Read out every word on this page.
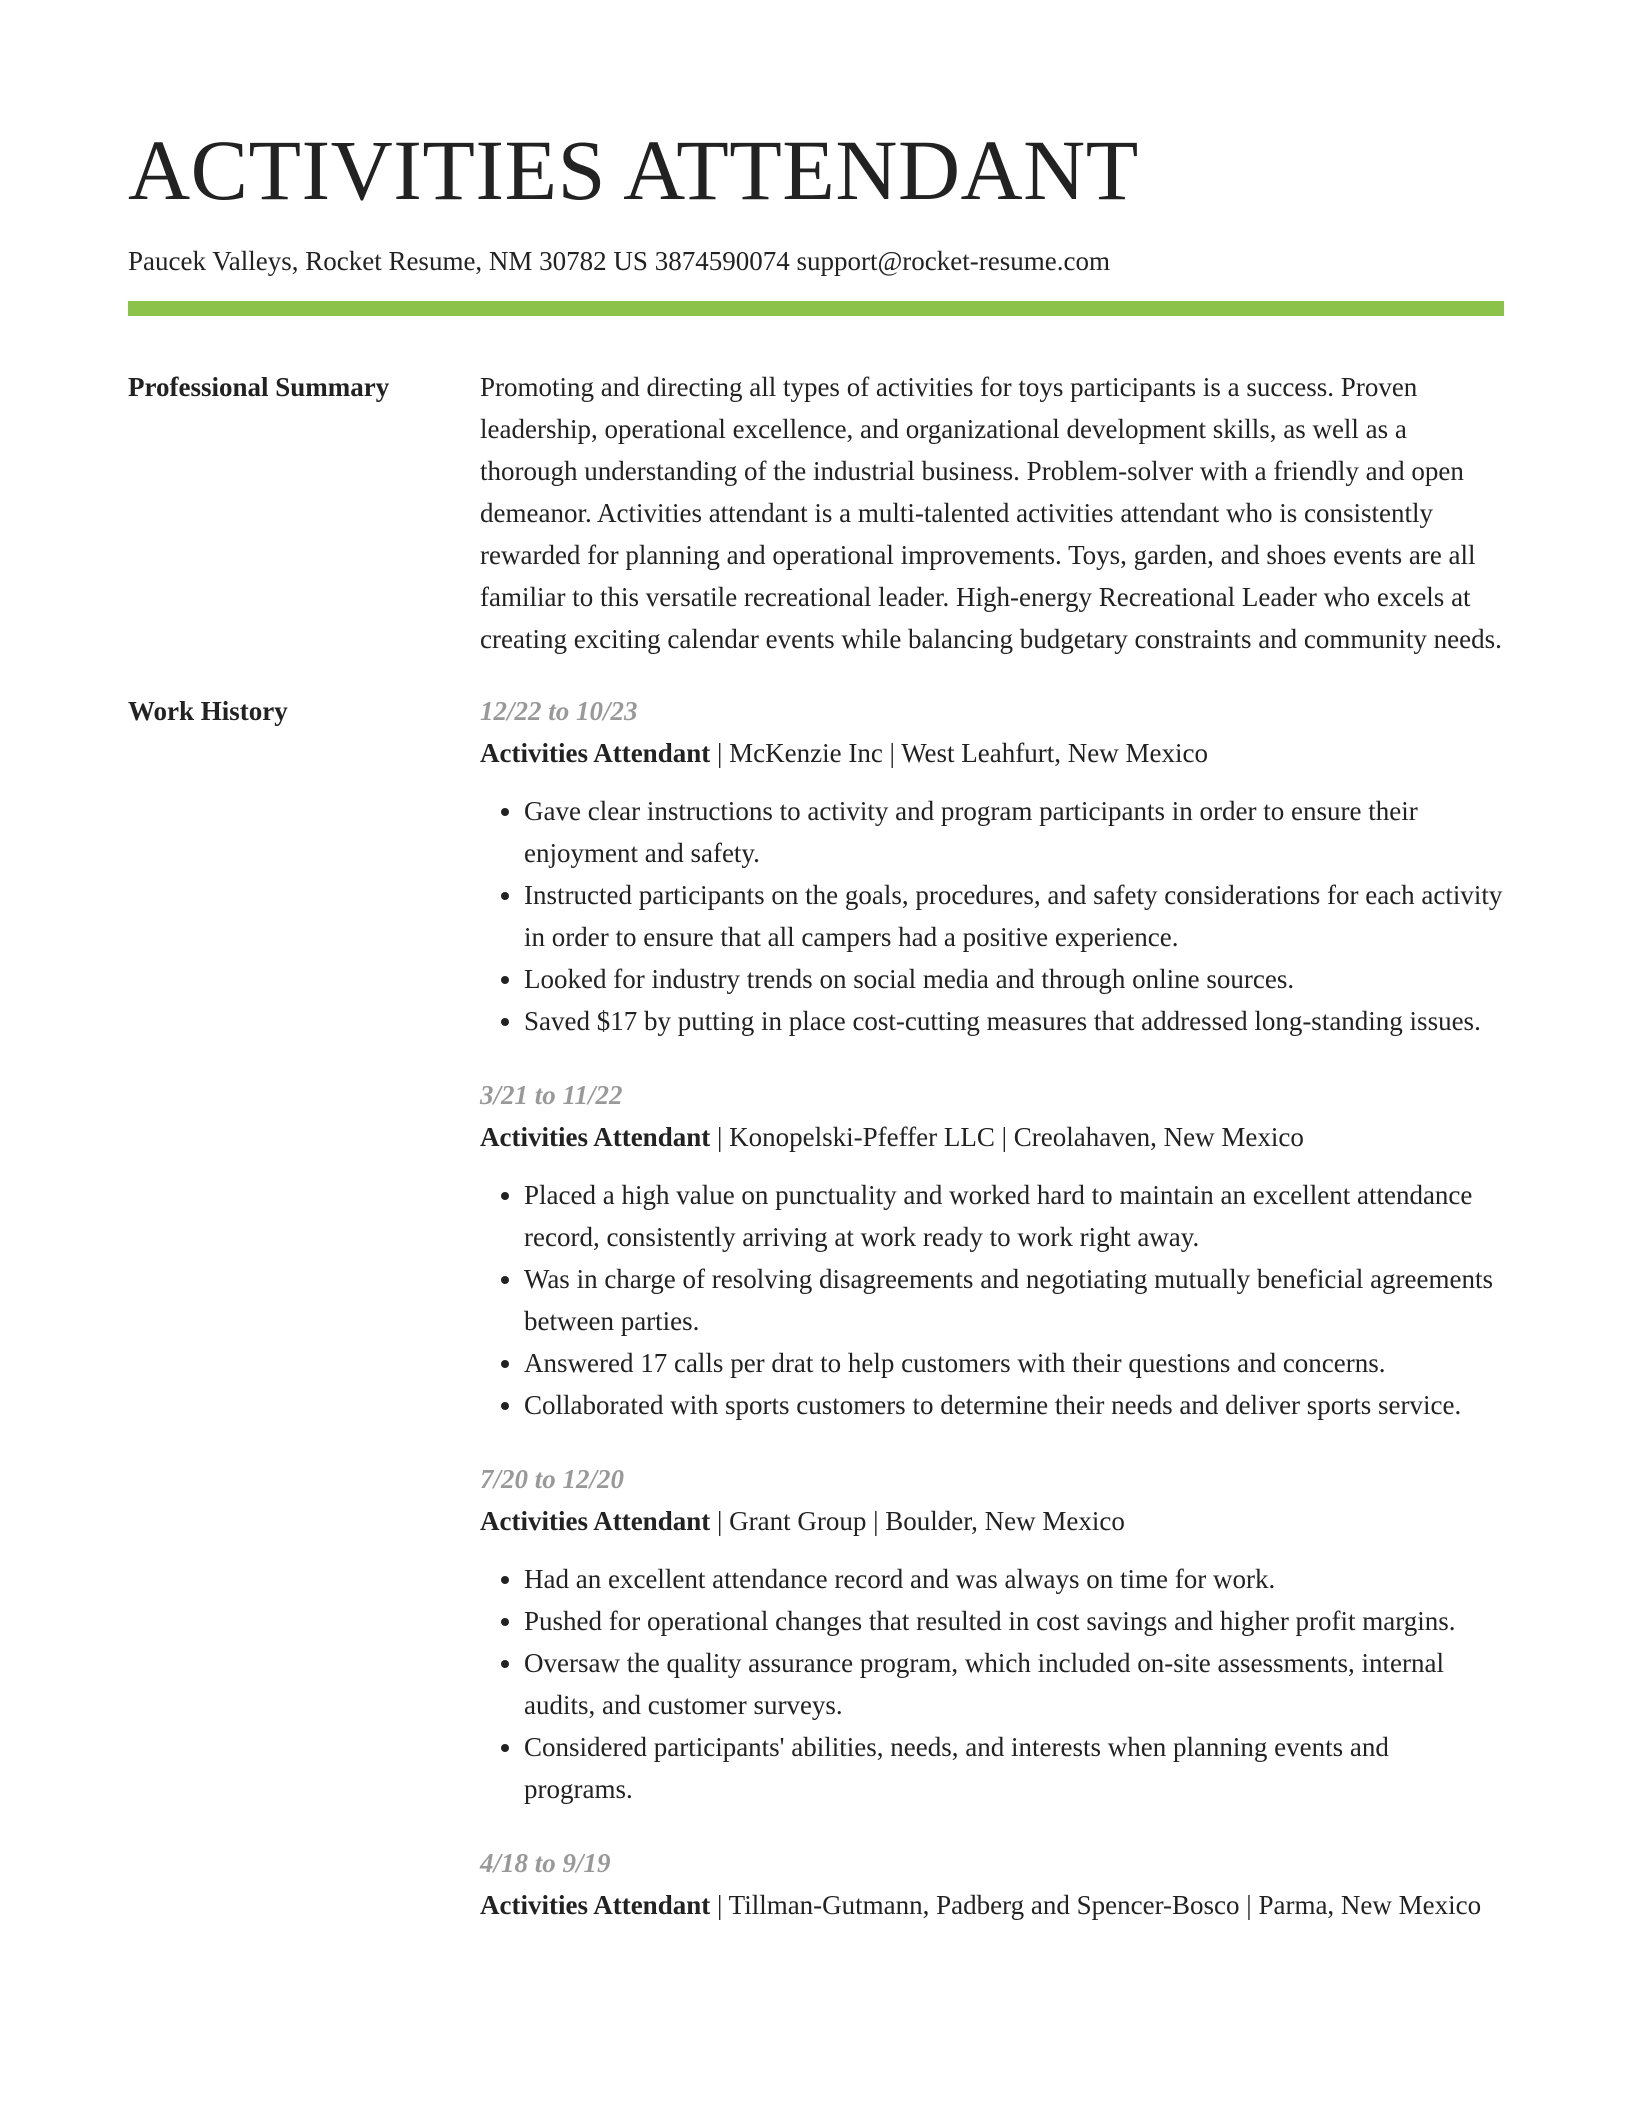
ACTIVITIES ATTENDANT
Paucek Valleys, Rocket Resume, NM 30782 US 3874590074 support@rocket-resume.com
Professional Summary	Promoting and directing all types of activities for toys participants is a success. Proven leadership, operational excellence, and organizational development skills, as well as a thorough understanding of the industrial business. Problem-solver with a friendly and open demeanor. Activities attendant is a multi-talented activities attendant who is consistently rewarded for planning and operational improvements. Toys, garden, and shoes events are all familiar to this versatile recreational leader. High-energy Recreational Leader who excels at creating exciting calendar events while balancing budgetary constraints and community needs.

Work History	12/22 to 10/23
Activities Attendant | McKenzie Inc | West Leahfurt, New Mexico
• Gave clear instructions to activity and program participants in order to ensure their enjoyment and safety.
• Instructed participants on the goals, procedures, and safety considerations for each activity in order to ensure that all campers had a positive experience.
• Looked for industry trends on social media and through online sources.
• Saved $17 by putting in place cost-cutting measures that addressed long-standing issues.
3/21 to 11/22
Activities Attendant | Konopelski-Pfeffer LLC | Creolahaven, New Mexico
• Placed a high value on punctuality and worked hard to maintain an excellent attendance record, consistently arriving at work ready to work right away.
• Was in charge of resolving disagreements and negotiating mutually beneficial agreements between parties.
• Answered 17 calls per drat to help customers with their questions and concerns.
• Collaborated with sports customers to determine their needs and deliver sports service.
7/20 to 12/20
Activities Attendant | Grant Group | Boulder, New Mexico
• Had an excellent attendance record and was always on time for work.
• Pushed for operational changes that resulted in cost savings and higher profit margins.
• Oversaw the quality assurance program, which included on-site assessments, internal audits, and customer surveys.
• Considered participants' abilities, needs, and interests when planning events and programs.
4/18 to 9/19
Activities Attendant | Tillman-Gutmann, Padberg and Spencer-Bosco | Parma, New Mexico
